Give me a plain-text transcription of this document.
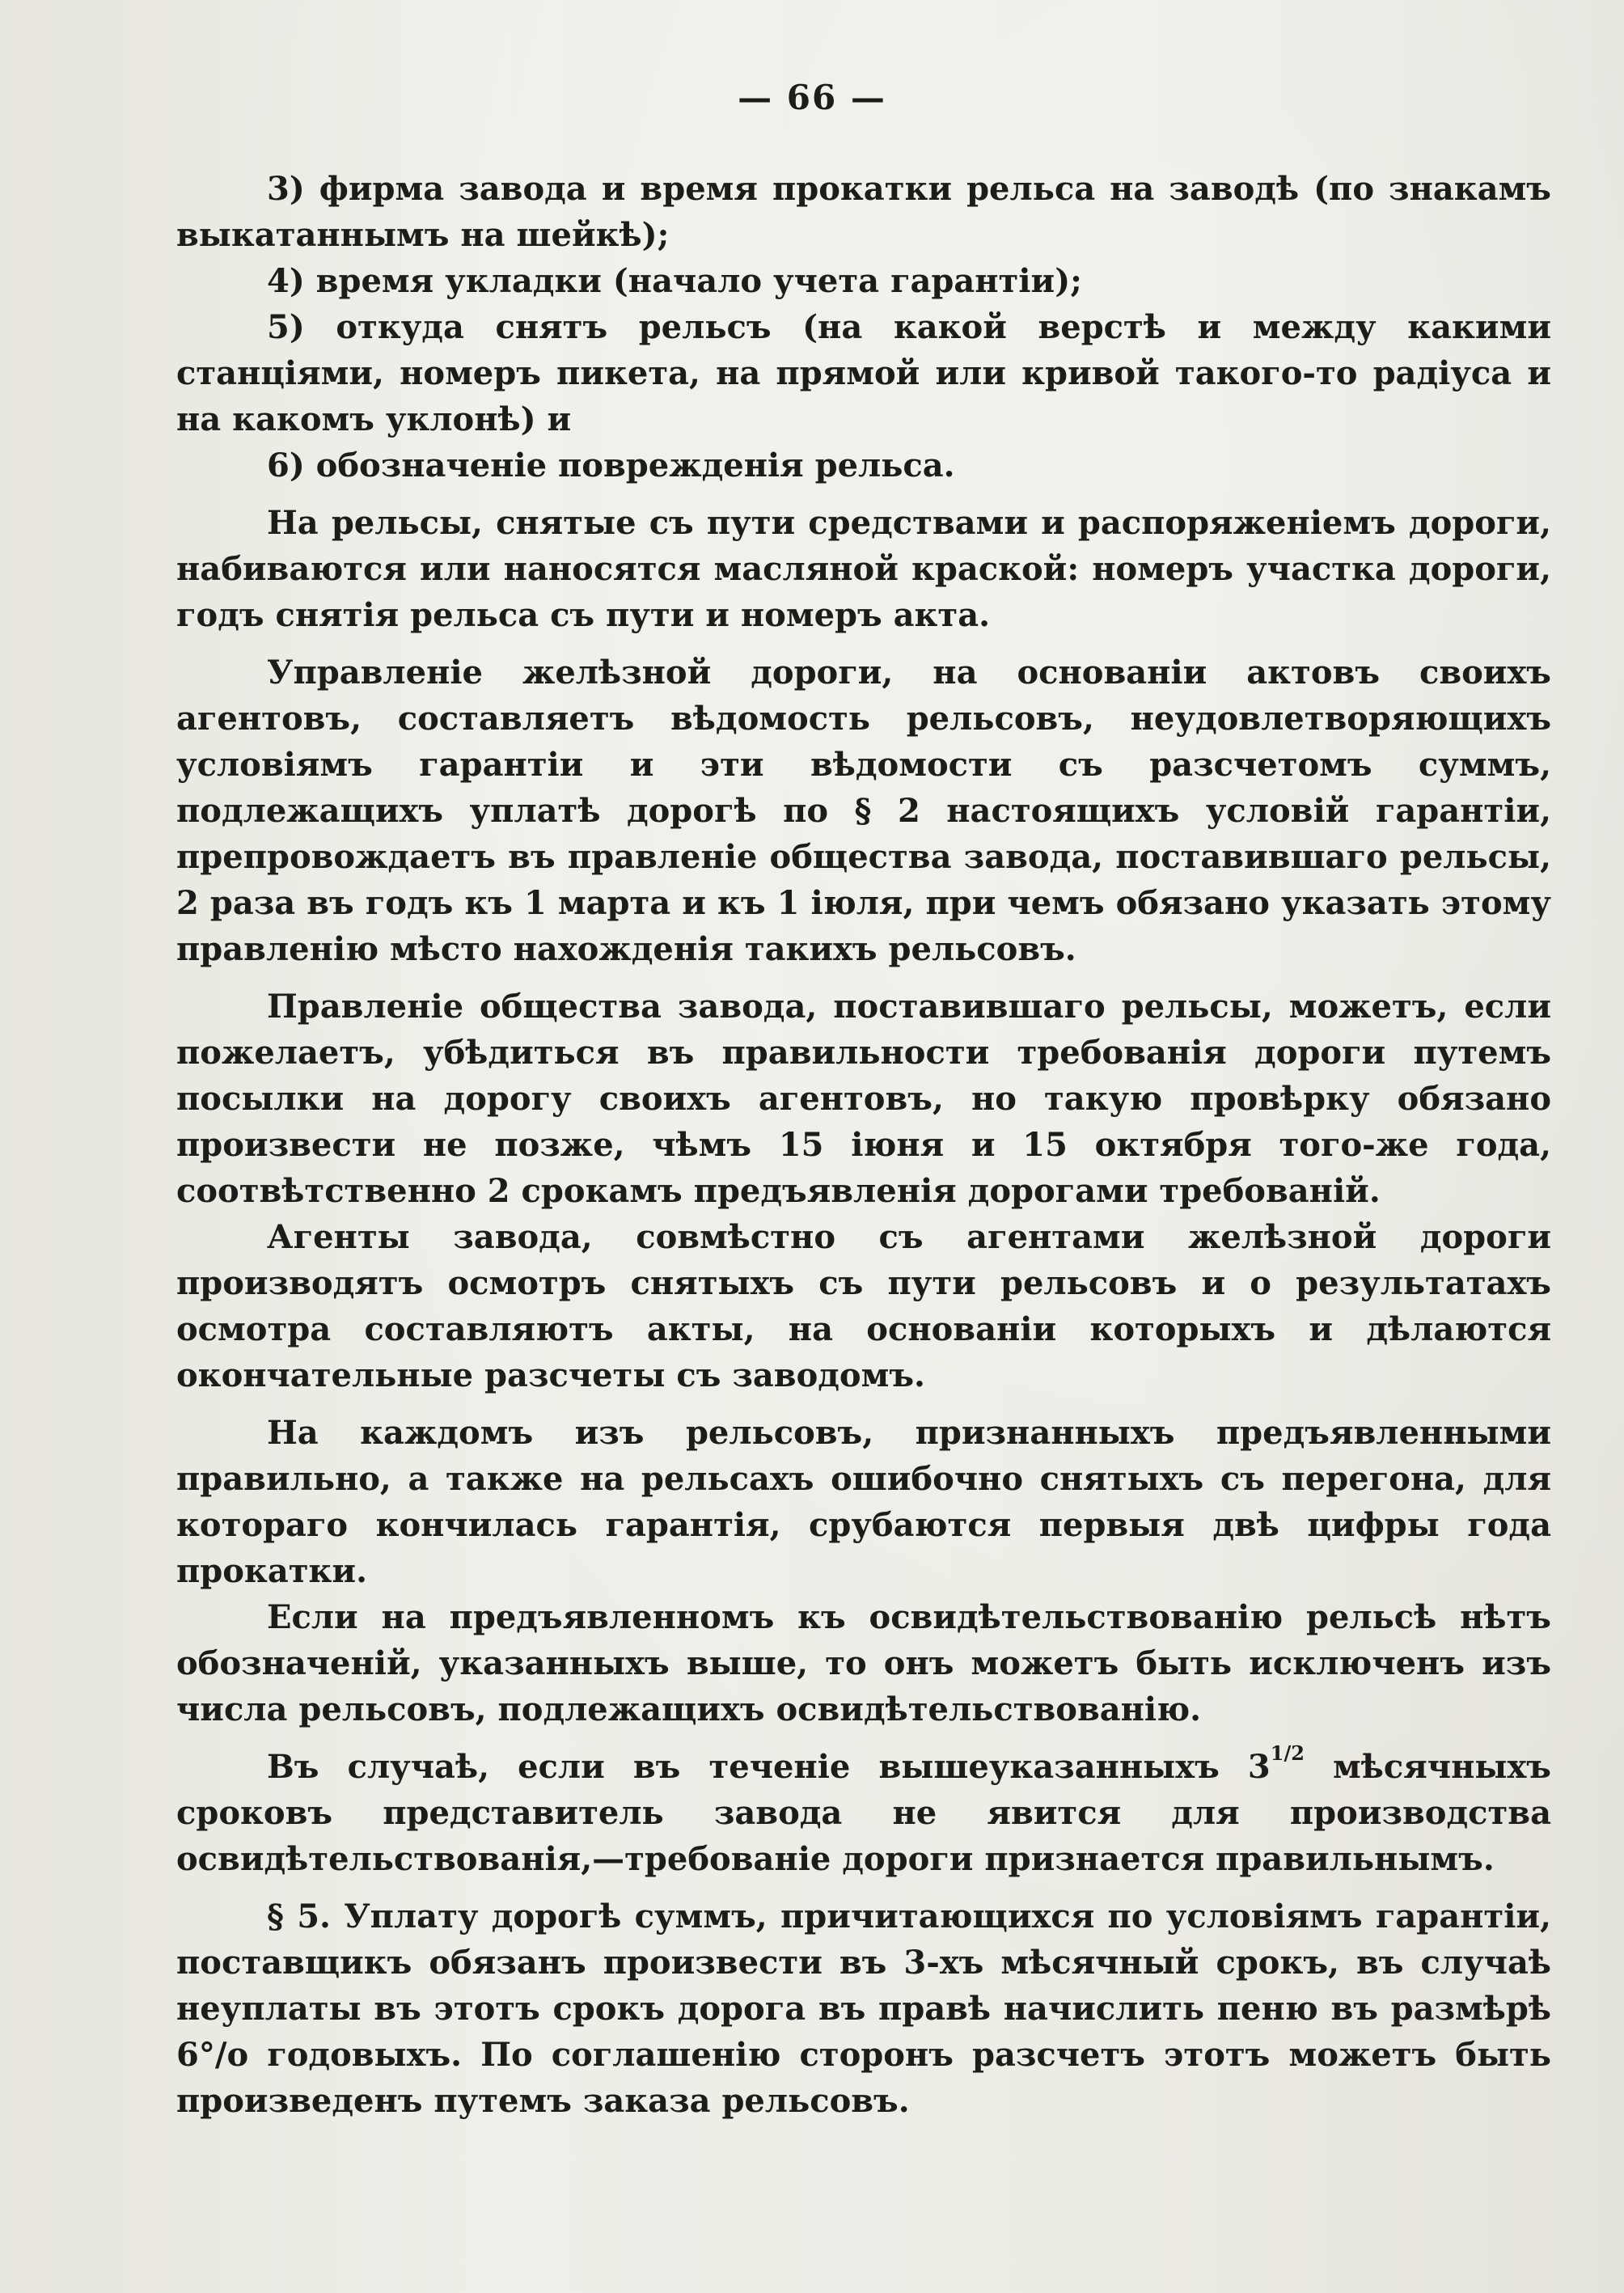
— 66 —

3) фирма завода и время прокатки рельса на заводѣ (по знакамъ выкатаннымъ на шейкѣ);

4) время укладки (начало учета гарантіи);

5) откуда снятъ рельсъ (на какой верстѣ и между какими станціями, номеръ пикета, на прямой или кривой такого-то радіуса и на какомъ уклонѣ) и

6) обозначеніе поврежденія рельса.

На рельсы, снятые съ пути средствами и распоряженіемъ дороги, набиваются или наносятся масляной краской: номеръ участка дороги, годъ снятія рельса съ пути и номеръ акта.

Управленіе желѣзной дороги, на основаніи актовъ своихъ агентовъ, составляетъ вѣдомость рельсовъ, неудовлетворяющихъ условіямъ гарантіи и эти вѣдомости съ разсчетомъ суммъ, подлежащихъ уплатѣ дорогѣ по § 2 настоящихъ условій гарантіи, препровождаетъ въ правленіе общества завода, поставившаго рельсы, 2 раза въ годъ къ 1 марта и къ 1 іюля, при чемъ обязано указать этому правленію мѣсто нахожденія такихъ рельсовъ.

Правленіе общества завода, поставившаго рельсы, можетъ, если пожелаетъ, убѣдиться въ правильности требованія дороги путемъ посылки на дорогу своихъ агентовъ, но такую провѣрку обязано произвести не позже, чѣмъ 15 іюня и 15 октября того-же года, соотвѣтственно 2 срокамъ предъявленія дорогами требованій.

Агенты завода, совмѣстно съ агентами желѣзной дороги производятъ осмотръ снятыхъ съ пути рельсовъ и о результатахъ осмотра составляютъ акты, на основаніи которыхъ и дѣлаются окончательные разсчеты съ заводомъ.

На каждомъ изъ рельсовъ, признанныхъ предъявленными правильно, а также на рельсахъ ошибочно снятыхъ съ перегона, для котораго кончилась гарантія, срубаются первыя двѣ цифры года прокатки.

Если на предъявленномъ къ освидѣтельствованію рельсѣ нѣтъ обозначеній, указанныхъ выше, то онъ можетъ быть исключенъ изъ числа рельсовъ, подлежащихъ освидѣтельствованію.

Въ случаѣ, если въ теченіе вышеуказанныхъ $3^{1/2}$ мѣсячныхъ сроковъ представитель завода не явится для производства освидѣтельствованія,—требованіе дороги признается правильнымъ.

§ 5. Уплату дорогѣ суммъ, причитающихся по условіямъ гарантіи, поставщикъ обязанъ произвести въ 3-хъ мѣсячный срокъ, въ случаѣ неуплаты въ этотъ срокъ дорога въ правѣ начислить пеню въ размѣрѣ 6°/o годовыхъ. По соглашенію сторонъ разсчетъ этотъ можетъ быть произведенъ путемъ заказа рельсовъ.
